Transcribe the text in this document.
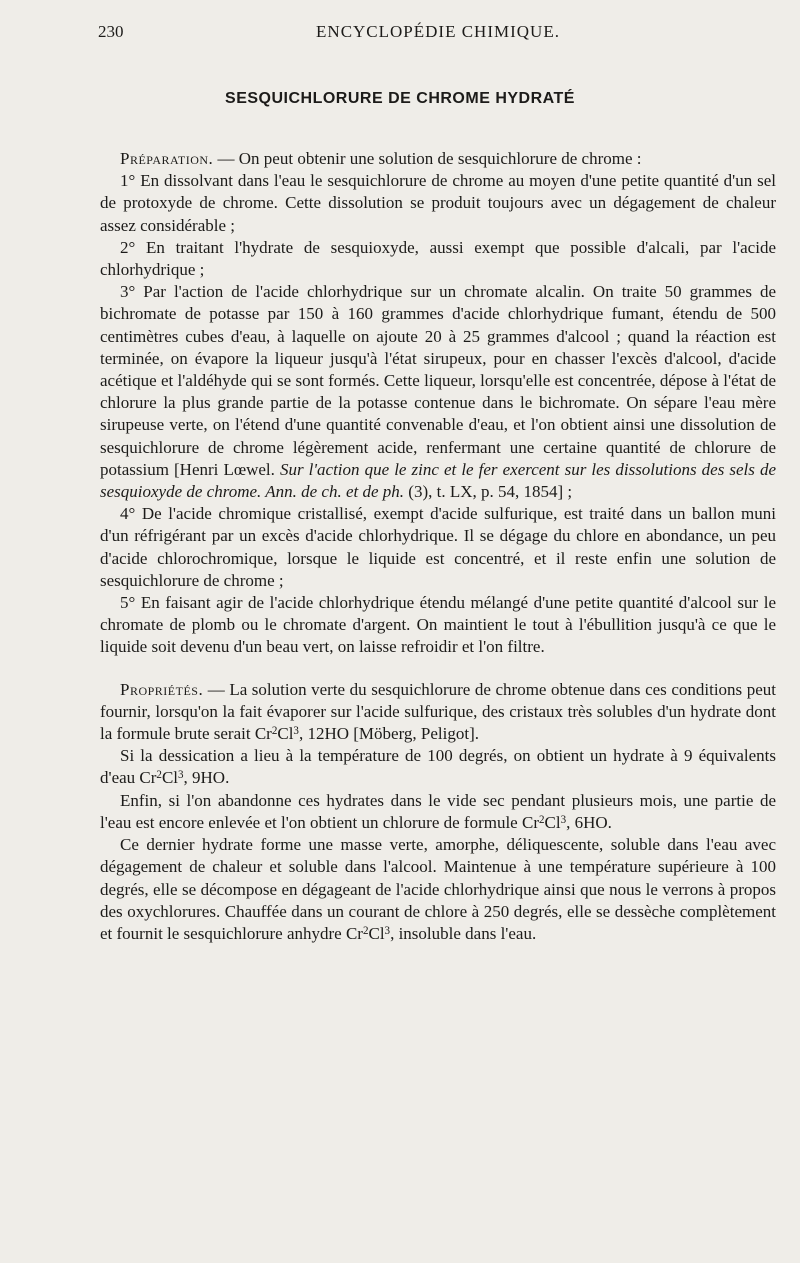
230	ENCYCLOPÉDIE CHIMIQUE.
SESQUICHLORURE DE CHROME HYDRATÉ

Préparation. — On peut obtenir une solution de sesquichlorure de chrome :

1° En dissolvant dans l'eau le sesquichlorure de chrome au moyen d'une petite quantité d'un sel de protoxyde de chrome. Cette dissolution se produit toujours avec un dégagement de chaleur assez considérable ;

2° En traitant l'hydrate de sesquioxyde, aussi exempt que possible d'alcali, par l'acide chlorhydrique ;

3° Par l'action de l'acide chlorhydrique sur un chromate alcalin. On traite 50 grammes de bichromate de potasse par 150 à 160 grammes d'acide chlorhydrique fumant, étendu de 500 centimètres cubes d'eau, à laquelle on ajoute 20 à 25 grammes d'alcool ; quand la réaction est terminée, on évapore la liqueur jusqu'à l'état sirupeux, pour en chasser l'excès d'alcool, d'acide acétique et l'aldéhyde qui se sont formés. Cette liqueur, lorsqu'elle est concentrée, dépose à l'état de chlorure la plus grande partie de la potasse contenue dans le bichromate. On sépare l'eau mère sirupeuse verte, on l'étend d'une quantité convenable d'eau, et l'on obtient ainsi une dissolution de sesquichlorure de chrome légèrement acide, renfermant une certaine quantité de chlorure de potassium [Henri Lœwel. Sur l'action que le zinc et le fer exercent sur les dissolutions des sels de sesquioxyde de chrome. Ann. de ch. et de ph. (3), t. LX, p. 54, 1854] ;

4° De l'acide chromique cristallisé, exempt d'acide sulfurique, est traité dans un ballon muni d'un réfrigérant par un excès d'acide chlorhydrique. Il se dégage du chlore en abondance, un peu d'acide chlorochromique, lorsque le liquide est concentré, et il reste enfin une solution de sesquichlorure de chrome ;

5° En faisant agir de l'acide chlorhydrique étendu mélangé d'une petite quantité d'alcool sur le chromate de plomb ou le chromate d'argent. On maintient le tout à l'ébullition jusqu'à ce que le liquide soit devenu d'un beau vert, on laisse refroidir et l'on filtre.

Propriétés. — La solution verte du sesquichlorure de chrome obtenue dans ces conditions peut fournir, lorsqu'on la fait évaporer sur l'acide sulfurique, des cristaux très solubles d'un hydrate dont la formule brute serait Cr$^2$Cl$^3$, 12HO [Möberg, Peligot].

Si la dessication a lieu à la température de 100 degrés, on obtient un hydrate à 9 équivalents d'eau Cr$^2$Cl$^3$, 9HO.

Enfin, si l'on abandonne ces hydrates dans le vide sec pendant plusieurs mois, une partie de l'eau est encore enlevée et l'on obtient un chlorure de formule Cr$^2$Cl$^3$, 6HO.

Ce dernier hydrate forme une masse verte, amorphe, déliquescente, soluble dans l'eau avec dégagement de chaleur et soluble dans l'alcool. Maintenue à une température supérieure à 100 degrés, elle se décompose en dégageant de l'acide chlorhydrique ainsi que nous le verrons à propos des oxychlorures. Chauffée dans un courant de chlore à 250 degrés, elle se dessèche complètement et fournit le sesquichlorure anhydre Cr$^2$Cl$^3$, insoluble dans l'eau.
